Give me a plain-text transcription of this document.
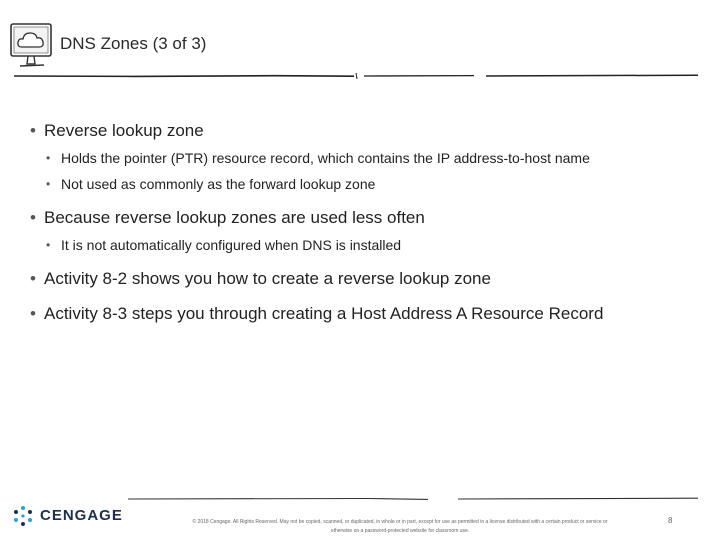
DNS Zones (3 of 3)
• Reverse lookup zone
• Holds the pointer (PTR) resource record, which contains the IP address-to-host name
• Not used as commonly as the forward lookup zone
• Because reverse lookup zones are used less often
• It is not automatically configured when DNS is installed
• Activity 8-2 shows you how to create a reverse lookup zone
• Activity 8-3 steps you through creating a Host Address A Resource Record
CENGAGE	© 2018 Cengage. All Rights Reserved. May not be copied, scanned, or duplicated, in whole or in part, except for use as permitted in a license distributed with a certain product or service or
otherwise on a password-protected website for classroom use.
8
